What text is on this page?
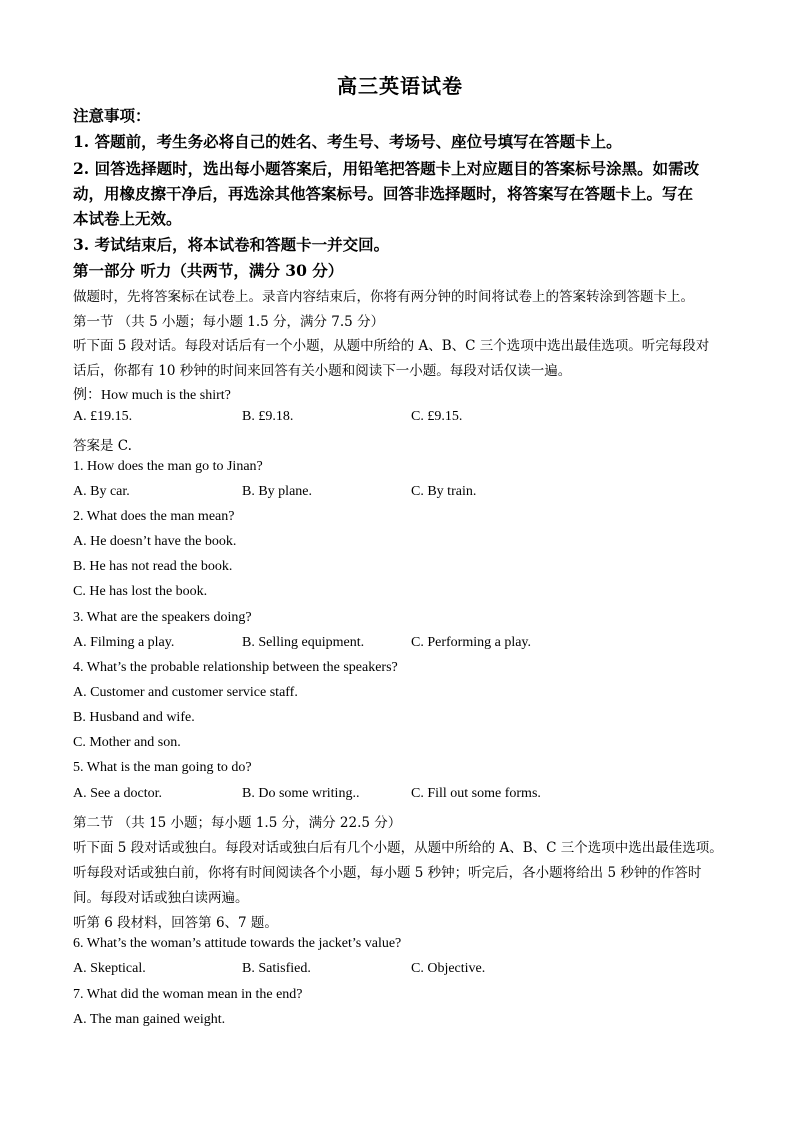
高三英语试卷
注意事项：
1. 答题前，考生务必将自己的姓名、考生号、考场号、座位号填写在答题卡上。
2. 回答选择题时，选出每小题答案后，用铅笔把答题卡上对应题目的答案标号涂黑。如需改
动，用橡皮擦干净后，再选涂其他答案标号。回答非选择题时，将答案写在答题卡上。写在
本试卷上无效。
3. 考试结束后，将本试卷和答题卡一并交回。
第一部分 听力（共两节，满分 30 分）
做题时，先将答案标在试卷上。录音内容结束后，你将有两分钟的时间将试卷上的答案转涂到答题卡上。
第一节 （共 5 小题；每小题 1.5 分，满分 7.5 分）
听下面 5 段对话。每段对话后有一个小题，从题中所给的 A、B、C 三个选项中选出最佳选项。听完每段对
话后，你都有 10 秒钟的时间来回答有关小题和阅读下一小题。每段对话仅读一遍。
例：How much is the shirt?
A. £19.15.	B. £9.18.	C. £9.15.
答案是 C.
1. How does the man go to Jinan?
A. By car.	B. By plane.	C. By train.
2. What does the man mean?
A. He doesn’t have the book.
B. He has not read the book.
C. He has lost the book.
3. What are the speakers doing?
A. Filming a play.	B. Selling equipment.	C. Performing a play.
4. What’s the probable relationship between the speakers?
A. Customer and customer service staff.
B. Husband and wife.
C. Mother and son.
5. What is the man going to do?
A. See a doctor.	B. Do some writing..	C. Fill out some forms.
第二节 （共 15 小题；每小题 1.5 分，满分 22.5 分）
听下面 5 段对话或独白。每段对话或独白后有几个小题，从题中所给的 A、B、C 三个选项中选出最佳选项。
听每段对话或独白前，你将有时间阅读各个小题，每小题 5 秒钟；听完后，各小题将给出 5 秒钟的作答时
间。每段对话或独白读两遍。
听第 6 段材料，回答第 6、7 题。
6. What’s the woman’s attitude towards the jacket’s value?
A. Skeptical.	B. Satisfied.	C. Objective.
7. What did the woman mean in the end?
A. The man gained weight.
